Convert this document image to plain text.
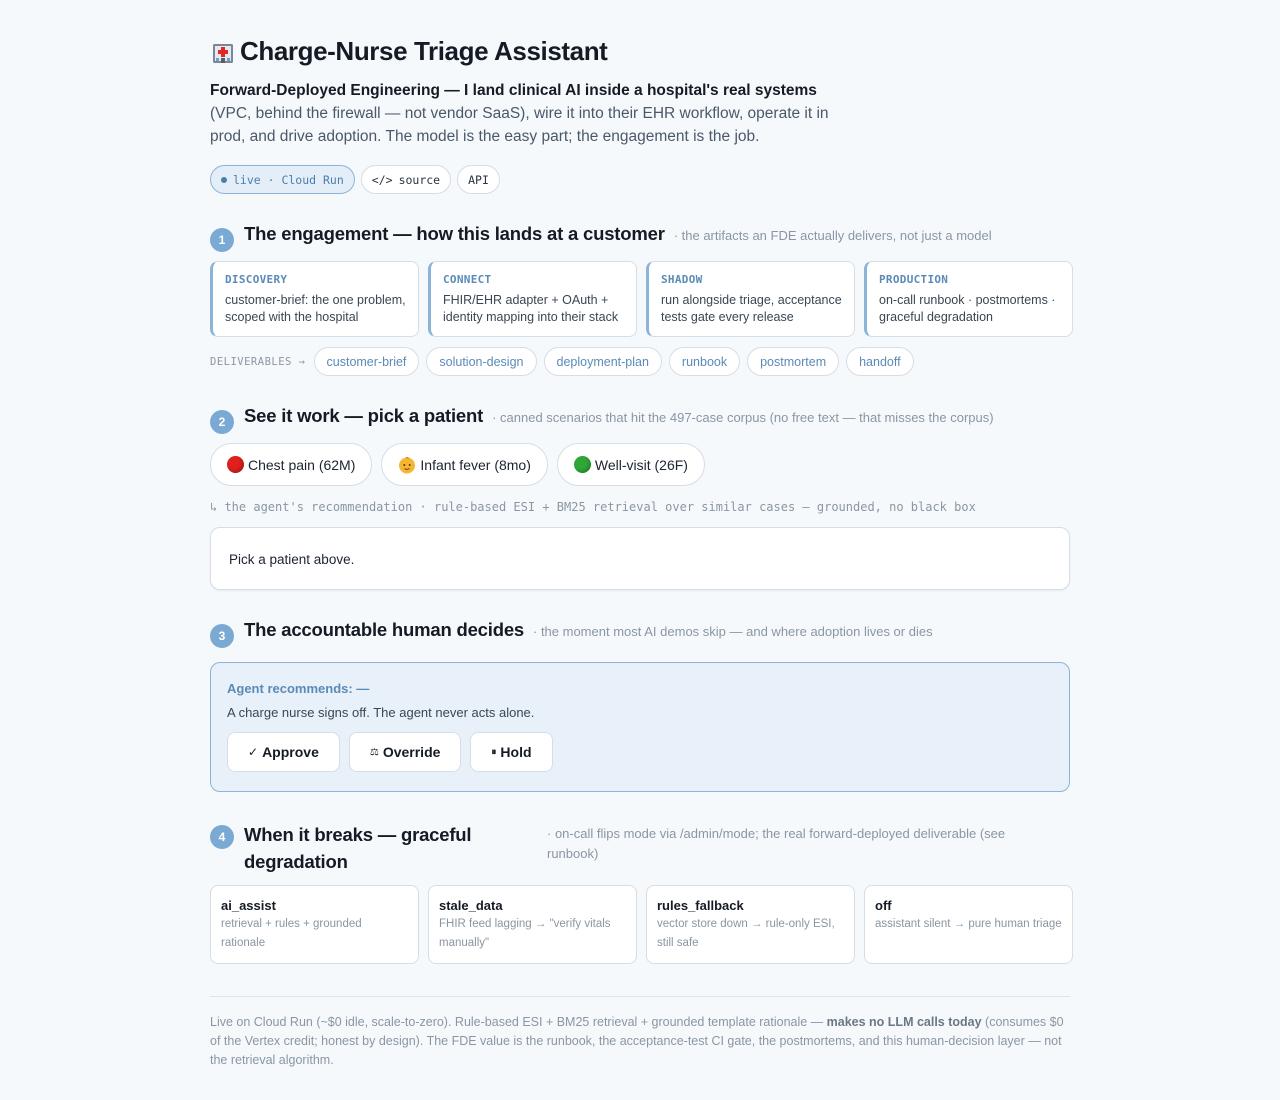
Charge-Nurse Triage Assistant

Forward-Deployed Engineering — I land clinical AI inside a hospital's real systems (VPC, behind the firewall — not vendor SaaS), wire it into their EHR workflow, operate it in prod, and drive adoption. The model is the easy part; the engagement is the job.

live · Cloud Run </> source API
1	The engagement — how this lands at a customer · the artifacts an FDE actually delivers, not just a model
DISCOVERY
customer-brief: the one problem, scoped with the hospital
CONNECT
FHIR/EHR adapter + OAuth + identity mapping into their stack
SHADOW
run alongside triage, acceptance tests gate every release
PRODUCTION
on-call runbook · postmortems · graceful degradation
DELIVERABLES →	customer-brief	solution-design	deployment-plan	runbook	postmortem	handoff
2	See it work — pick a patient · canned scenarios that hit the 497-case corpus (no free text — that misses the corpus)
Chest pain (62M)	Infant fever (8mo)	Well-visit (26F)
↳ the agent's recommendation · rule-based ESI + BM25 retrieval over similar cases — grounded, no black box
Pick a patient above.
3	The accountable human decides · the moment most AI demos skip — and where adoption lives or dies
Agent recommends: —
A charge nurse signs off. The agent never acts alone.
✓ Approve	⚖ Override	⏸ Hold
4	When it breaks — graceful degradation
· on-call flips mode via /admin/mode; the real forward-deployed deliverable (see runbook)
ai_assist
retrieval + rules + grounded rationale
stale_data
FHIR feed lagging → "verify vitals manually"
rules_fallback
vector store down → rule-only ESI, still safe
off
assistant silent → pure human triage

Live on Cloud Run (~$0 idle, scale-to-zero). Rule-based ESI + BM25 retrieval + grounded template rationale — makes no LLM calls today (consumes $0 of the Vertex credit; honest by design). The FDE value is the runbook, the acceptance-test CI gate, the postmortems, and this human-decision layer — not the retrieval algorithm.
